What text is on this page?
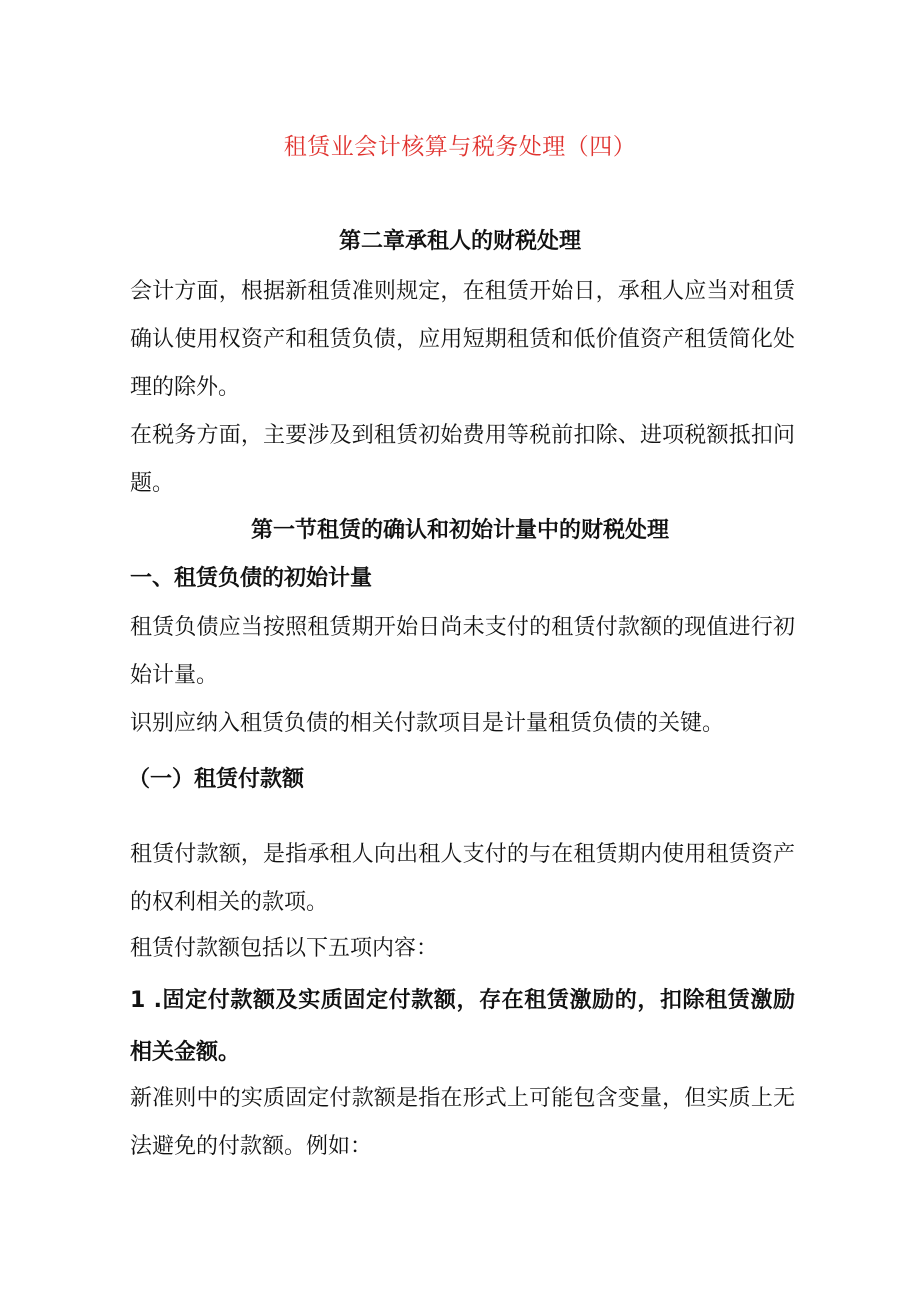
租赁业会计核算与税务处理（四）
第二章承租人的财税处理
会计方面，根据新租赁准则规定，在租赁开始日，承租人应当对租赁确认使用权资产和租赁负债，应用短期租赁和低价值资产租赁简化处理的除外。
在税务方面，主要涉及到租赁初始费用等税前扣除、进项税额抵扣问题。
第一节租赁的确认和初始计量中的财税处理
一、租赁负债的初始计量
租赁负债应当按照租赁期开始日尚未支付的租赁付款额的现值进行初始计量。
识别应纳入租赁负债的相关付款项目是计量租赁负债的关键。
（一）租赁付款额
租赁付款额，是指承租人向出租人支付的与在租赁期内使用租赁资产的权利相关的款项。
租赁付款额包括以下五项内容：
1 .固定付款额及实质固定付款额，存在租赁激励的，扣除租赁激励相关金额。
新准则中的实质固定付款额是指在形式上可能包含变量，但实质上无法避免的付款额。例如：
